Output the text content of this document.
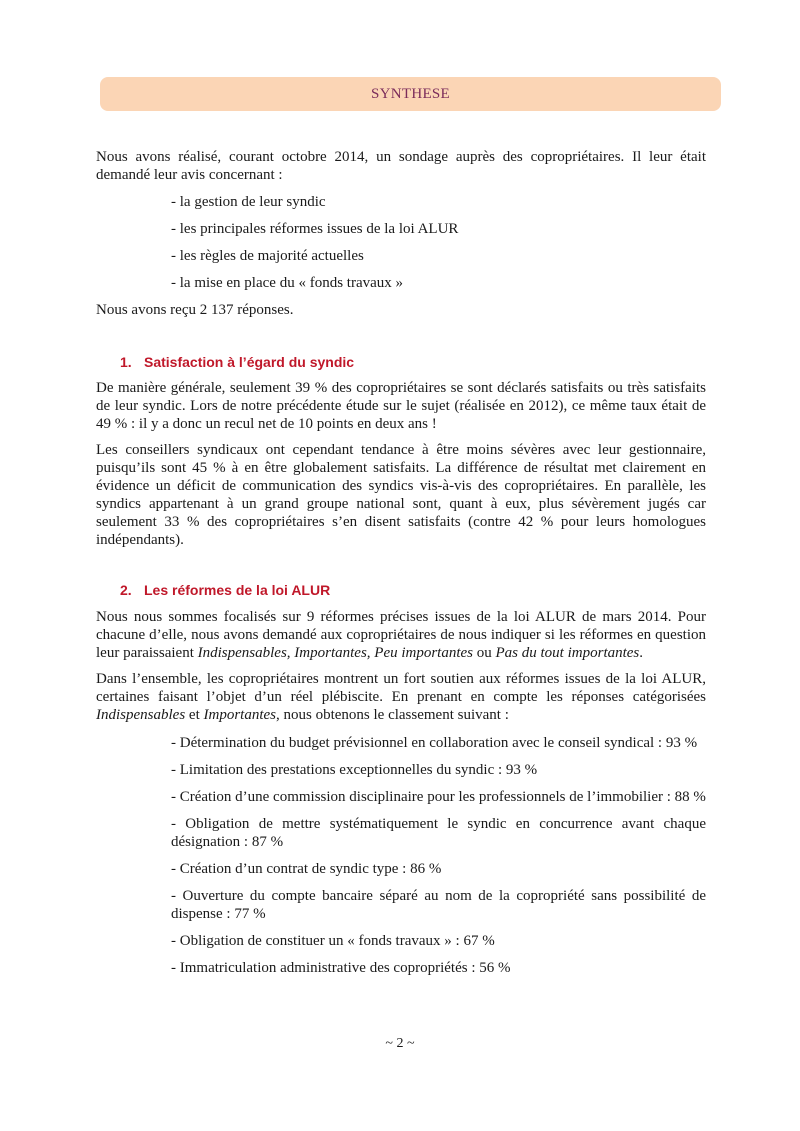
SYNTHESE

Nous avons réalisé, courant octobre 2014, un sondage auprès des copropriétaires. Il leur était demandé leur avis concernant :

- la gestion de leur syndic

- les principales réformes issues de la loi ALUR

- les règles de majorité actuelles

- la mise en place du « fonds travaux »

Nous avons reçu 2 137 réponses.

1. Satisfaction à l’égard du syndic

De manière générale, seulement 39 % des copropriétaires se sont déclarés satisfaits ou très satisfaits de leur syndic. Lors de notre précédente étude sur le sujet (réalisée en 2012), ce même taux était de 49 % : il y a donc un recul net de 10 points en deux ans !

Les conseillers syndicaux ont cependant tendance à être moins sévères avec leur gestionnaire, puisqu’ils sont 45 % à en être globalement satisfaits. La différence de résultat met clairement en évidence un déficit de communication des syndics vis-à-vis des copropriétaires. En parallèle, les syndics appartenant à un grand groupe national sont, quant à eux, plus sévèrement jugés car seulement 33 % des copropriétaires s’en disent satisfaits (contre 42 % pour leurs homologues indépendants).

2. Les réformes de la loi ALUR

Nous nous sommes focalisés sur 9 réformes précises issues de la loi ALUR de mars 2014. Pour chacune d’elle, nous avons demandé aux copropriétaires de nous indiquer si les réformes en question leur paraissaient Indispensables, Importantes, Peu importantes ou Pas du tout importantes.

Dans l’ensemble, les copropriétaires montrent un fort soutien aux réformes issues de la loi ALUR, certaines faisant l’objet d’un réel plébiscite. En prenant en compte les réponses catégorisées Indispensables et Importantes, nous obtenons le classement suivant :

- Détermination du budget prévisionnel en collaboration avec le conseil syndical : 93 %

- Limitation des prestations exceptionnelles du syndic : 93 %

- Création d’une commission disciplinaire pour les professionnels de l’immobilier : 88 %

- Obligation de mettre systématiquement le syndic en concurrence avant chaque désignation : 87 %

- Création d’un contrat de syndic type : 86 %

- Ouverture du compte bancaire séparé au nom de la copropriété sans possibilité de dispense : 77 %

- Obligation de constituer un « fonds travaux » : 67 %

- Immatriculation administrative des copropriétés : 56 %

~ 2 ~
